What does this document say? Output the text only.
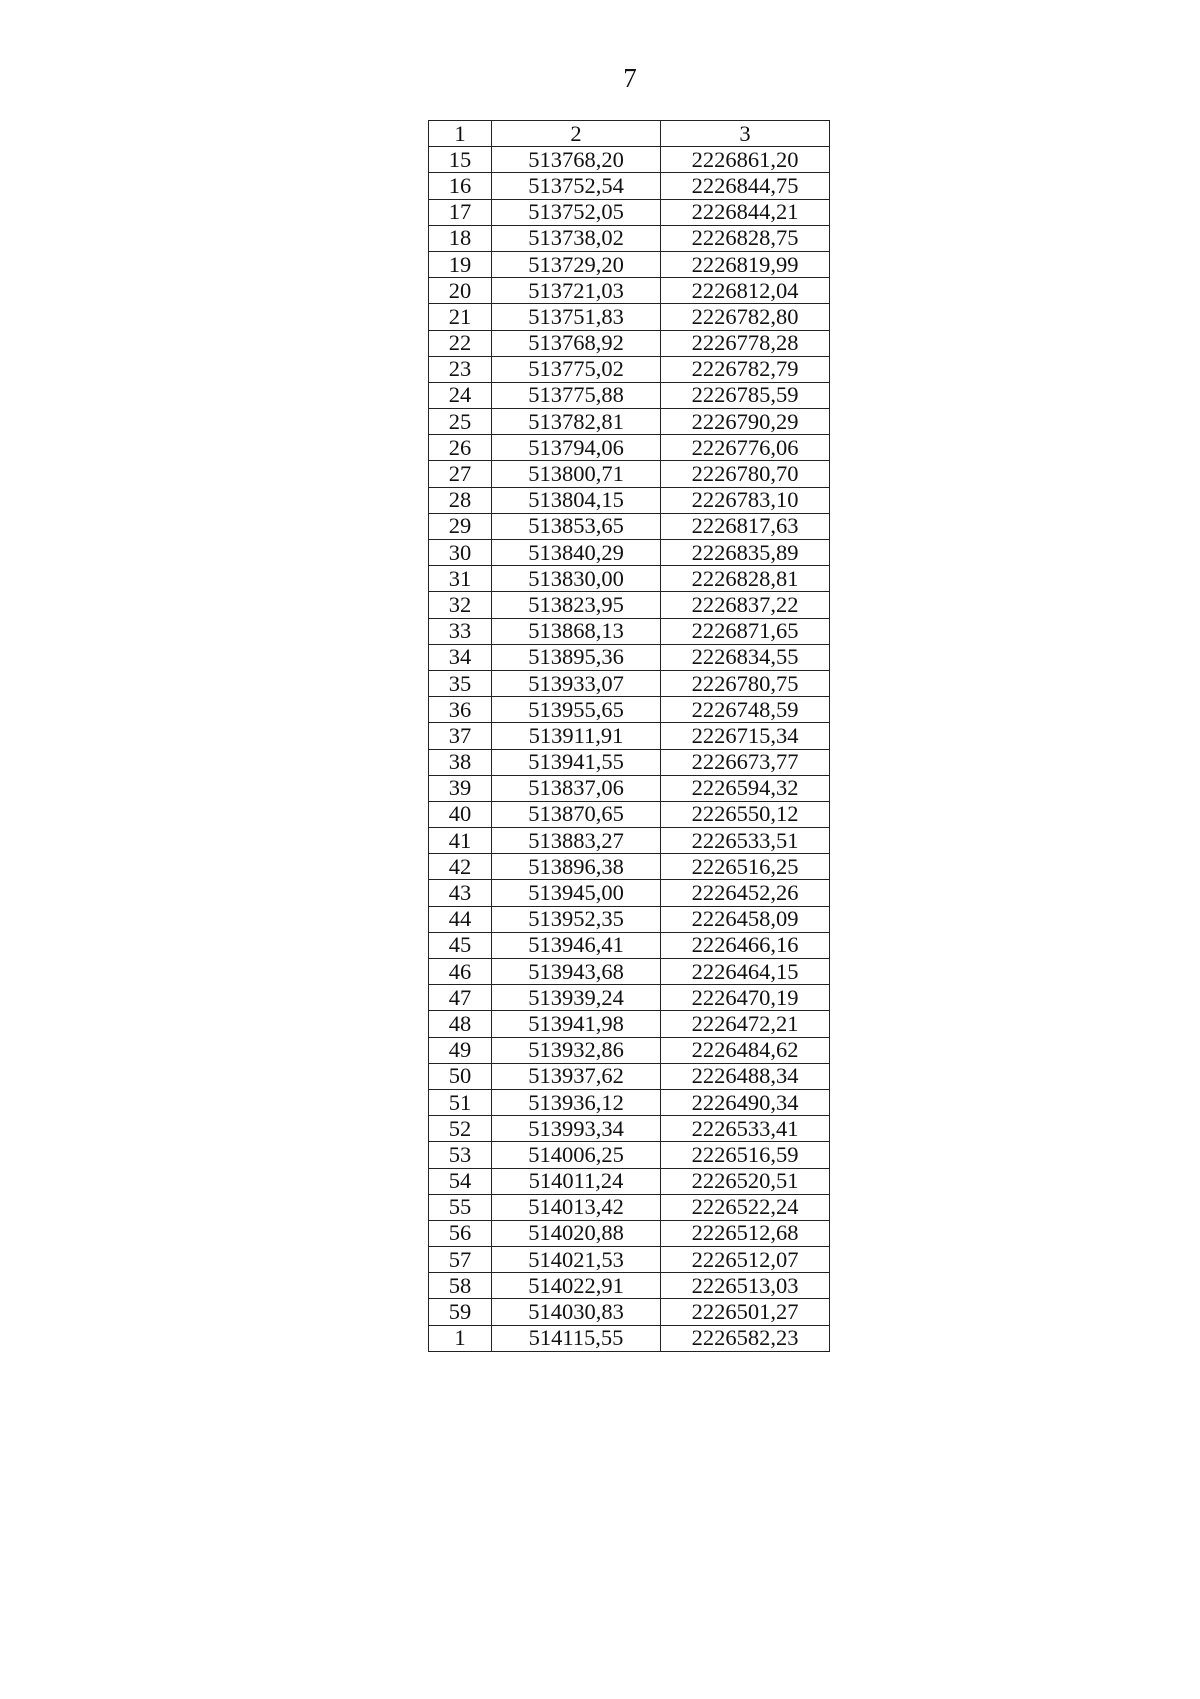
7
1	2	3
15	513768,20	2226861,20
16	513752,54	2226844,75
17	513752,05	2226844,21
18	513738,02	2226828,75
19	513729,20	2226819,99
20	513721,03	2226812,04
21	513751,83	2226782,80
22	513768,92	2226778,28
23	513775,02	2226782,79
24	513775,88	2226785,59
25	513782,81	2226790,29
26	513794,06	2226776,06
27	513800,71	2226780,70
28	513804,15	2226783,10
29	513853,65	2226817,63
30	513840,29	2226835,89
31	513830,00	2226828,81
32	513823,95	2226837,22
33	513868,13	2226871,65
34	513895,36	2226834,55
35	513933,07	2226780,75
36	513955,65	2226748,59
37	513911,91	2226715,34
38	513941,55	2226673,77
39	513837,06	2226594,32
40	513870,65	2226550,12
41	513883,27	2226533,51
42	513896,38	2226516,25
43	513945,00	2226452,26
44	513952,35	2226458,09
45	513946,41	2226466,16
46	513943,68	2226464,15
47	513939,24	2226470,19
48	513941,98	2226472,21
49	513932,86	2226484,62
50	513937,62	2226488,34
51	513936,12	2226490,34
52	513993,34	2226533,41
53	514006,25	2226516,59
54	514011,24	2226520,51
55	514013,42	2226522,24
56	514020,88	2226512,68
57	514021,53	2226512,07
58	514022,91	2226513,03
59	514030,83	2226501,27
1	514115,55	2226582,23
